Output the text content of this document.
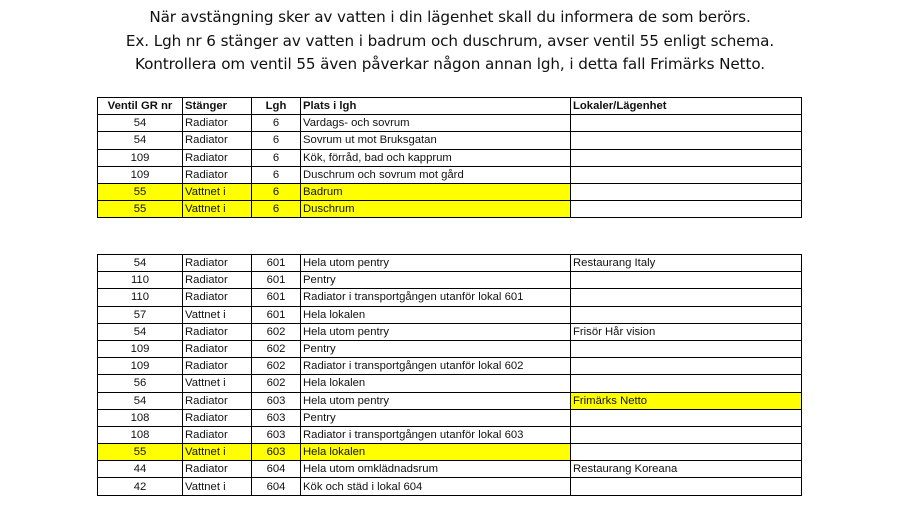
När avstängning sker av vatten i din lägenhet skall du informera de som berörs.
Ex. Lgh nr 6 stänger av vatten i badrum och duschrum, avser ventil 55 enligt schema.
Kontrollera om ventil 55 även påverkar någon annan lgh, i detta fall Frimärks Netto.
Ventil GR nr	Stänger	Lgh	Plats i lgh	Lokaler/Lägenhet
54	Radiator	6	Vardags- och sovrum	
54	Radiator	6	Sovrum ut mot Bruksgatan	
109	Radiator	6	Kök, förråd, bad och kapprum	
109	Radiator	6	Duschrum och sovrum mot gård	
55	Vattnet i	6	Badrum	
55	Vattnet i	6	Duschrum	
54	Radiator	601	Hela utom pentry	Restaurang Italy
110	Radiator	601	Pentry	
110	Radiator	601	Radiator i transportgången utanför lokal 601	
57	Vattnet i	601	Hela lokalen	
54	Radiator	602	Hela utom pentry	Frisör Hår vision
109	Radiator	602	Pentry	
109	Radiator	602	Radiator i transportgången utanför lokal 602	
56	Vattnet i	602	Hela lokalen	
54	Radiator	603	Hela utom pentry	Frimärks Netto
108	Radiator	603	Pentry	
108	Radiator	603	Radiator i transportgången utanför lokal 603	
55	Vattnet i	603	Hela lokalen	
44	Radiator	604	Hela utom omklädnadsrum	Restaurang Koreana
42	Vattnet i	604	Kök och städ i lokal 604	
